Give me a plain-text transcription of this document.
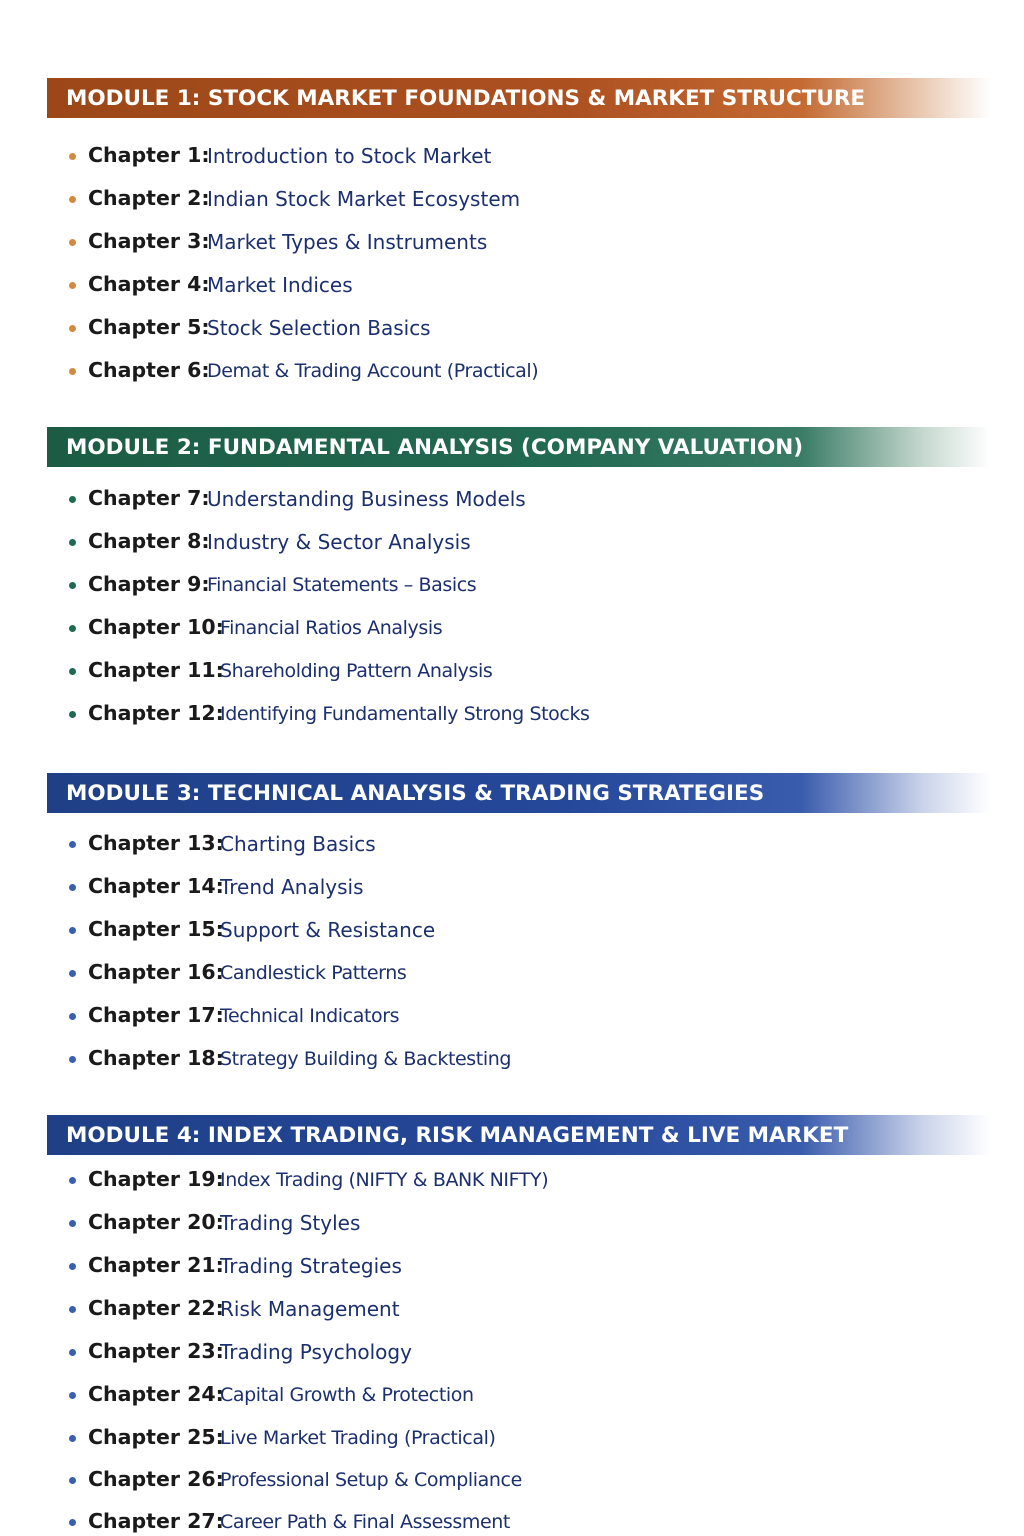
MODULE 1: STOCK MARKET FOUNDATIONS & MARKET STRUCTURE
Chapter 1:
Introduction to Stock Market
Chapter 2:
Indian Stock Market Ecosystem
Chapter 3:
Market Types & Instruments
Chapter 4:
Market Indices
Chapter 5:
Stock Selection Basics
Chapter 6:
Demat & Trading Account (Practical)
MODULE 2: FUNDAMENTAL ANALYSIS (COMPANY VALUATION)
Chapter 7:
Understanding Business Models
Chapter 8:
Industry & Sector Analysis
Chapter 9:
Financial Statements – Basics
Chapter 10:
Financial Ratios Analysis
Chapter 11:
Shareholding Pattern Analysis
Chapter 12:
Identifying Fundamentally Strong Stocks
MODULE 3: TECHNICAL ANALYSIS & TRADING STRATEGIES
Chapter 13:
Charting Basics
Chapter 14:
Trend Analysis
Chapter 15:
Support & Resistance
Chapter 16:
Candlestick Patterns
Chapter 17:
Technical Indicators
Chapter 18:
Strategy Building & Backtesting
MODULE 4: INDEX TRADING, RISK MANAGEMENT & LIVE MARKET
Chapter 19:
Index Trading (NIFTY & BANK NIFTY)
Chapter 20:
Trading Styles
Chapter 21:
Trading Strategies
Chapter 22:
Risk Management
Chapter 23:
Trading Psychology
Chapter 24:
Capital Growth & Protection
Chapter 25:
Live Market Trading (Practical)
Chapter 26:
Professional Setup & Compliance
Chapter 27:
Career Path & Final Assessment
